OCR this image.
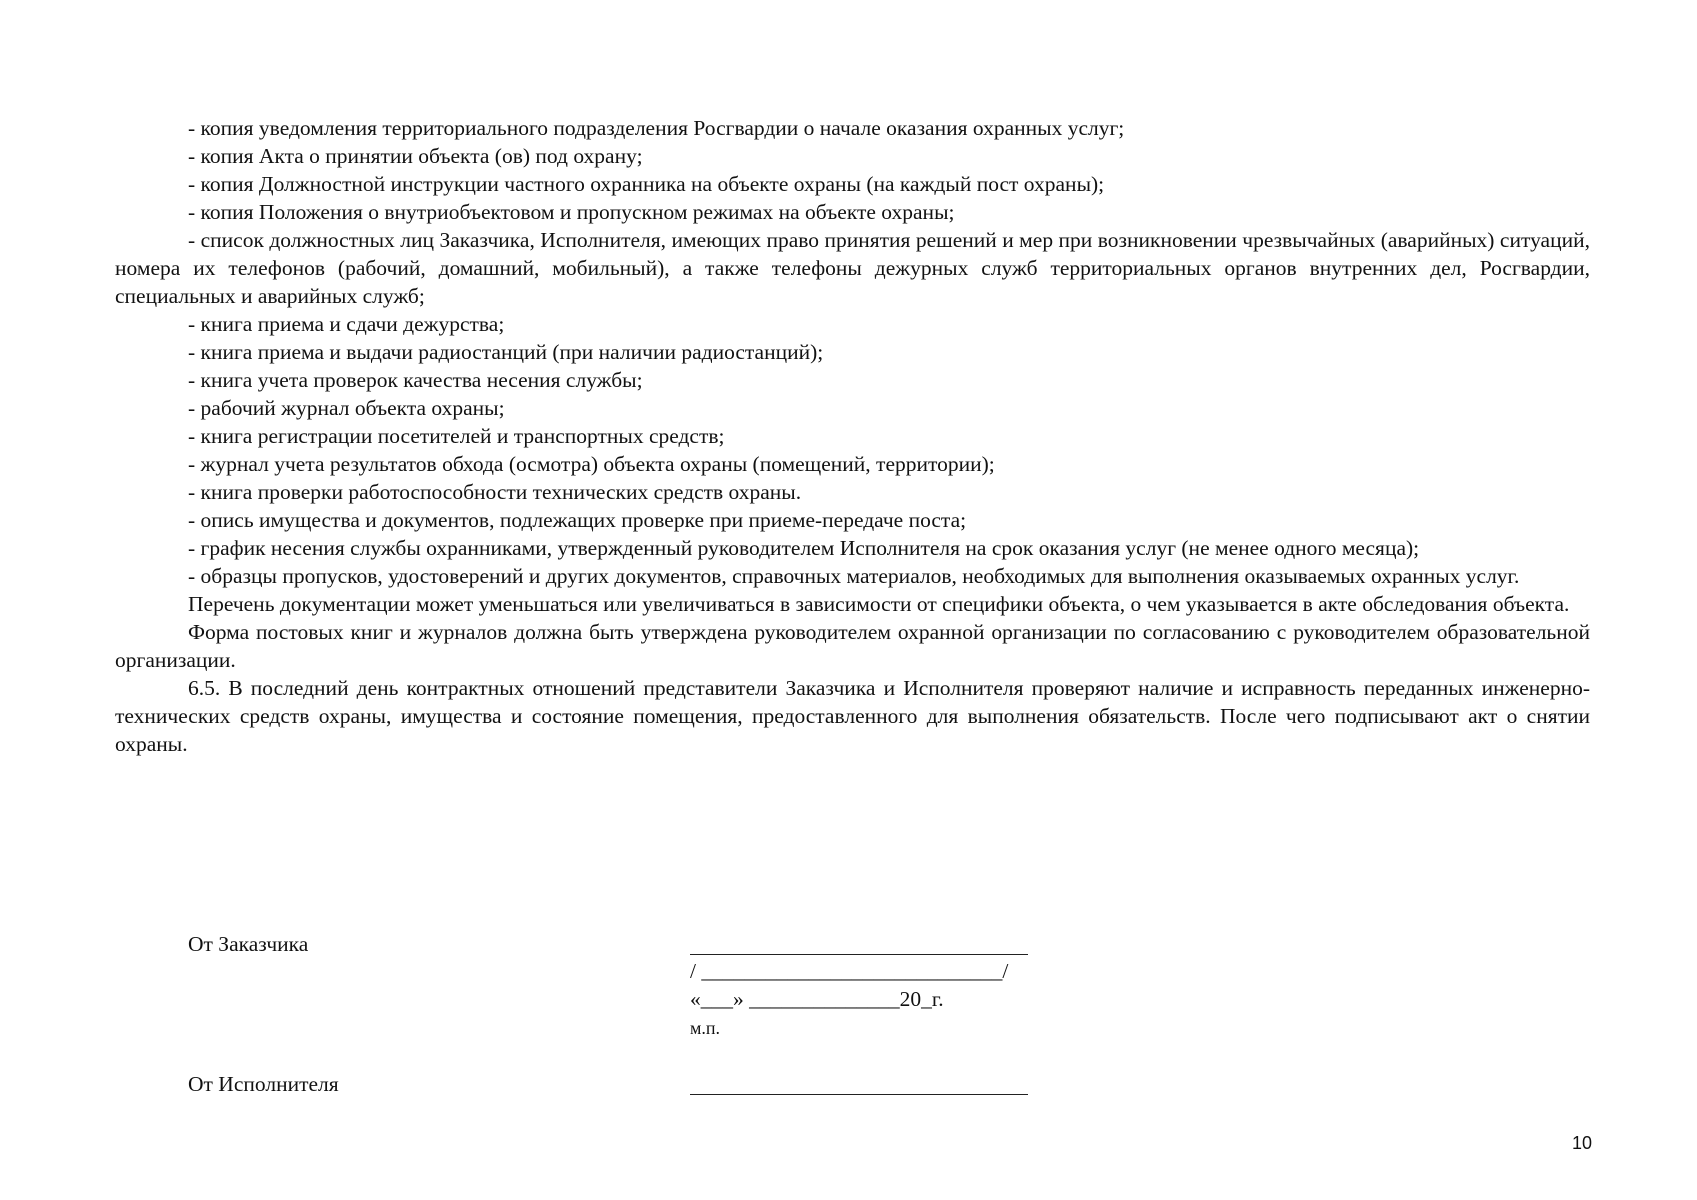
- копия уведомления территориального подразделения Росгвардии о начале оказания охранных услуг;

- копия Акта о принятии объекта (ов) под охрану;

- копия Должностной инструкции частного охранника на объекте охраны (на каждый пост охраны);

- копия Положения о внутриобъектовом и пропускном режимах на объекте охраны;

- список должностных лиц Заказчика, Исполнителя, имеющих право принятия решений и мер при возникновении чрезвычайных (аварийных) ситуаций, номера их телефонов (рабочий, домашний, мобильный), а также телефоны дежурных служб территориальных органов внутренних дел, Росгвардии, специальных и аварийных служб;

- книга приема и сдачи дежурства;

- книга приема и выдачи радиостанций (при наличии радиостанций);

- книга учета проверок качества несения службы;

- рабочий журнал объекта охраны;

- книга регистрации посетителей и транспортных средств;

- журнал учета результатов обхода (осмотра) объекта охраны (помещений, территории);

- книга проверки работоспособности технических средств охраны.

- опись имущества и документов, подлежащих проверке при приеме-передаче поста;

- график несения службы охранниками, утвержденный руководителем Исполнителя на срок оказания услуг (не менее одного месяца);

- образцы пропусков, удостоверений и других документов, справочных материалов, необходимых для выполнения оказываемых охранных услуг.

Перечень документации может уменьшаться или увеличиваться в зависимости от специфики объекта, о чем указывается в акте обследования объекта.

Форма постовых книг и журналов должна быть утверждена руководителем охранной организации по согласованию с руководителем образовательной организации.

6.5. В последний день контрактных отношений представители Заказчика и Исполнителя проверяют наличие и исправность переданных инженерно-технических средств охраны, имущества и состояние помещения, предоставленного для выполнения обязательств. После чего подписывают акт о снятии охраны.

От Заказчика
/ ____________________________/
«___» ______________20_г.
м.п.
От Исполнителя
10
